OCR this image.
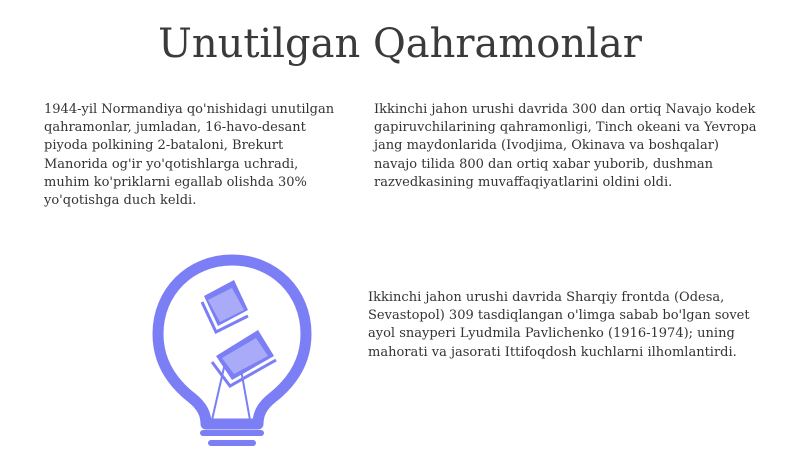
Unutilgan Qahramonlar

1944-yil Normandiya qo'nishidagi unutilgan qahramonlar, jumladan, 16-havo-desant piyoda polkining 2-bataloni, Brekurt Manorida og'ir yo'qotishlarga uchradi, muhim ko'priklarni egallab olishda 30% yo'qotishga duch keldi.

Ikkinchi jahon urushi davrida 300 dan ortiq Navajo kodek gapiruvchilarining qahramonligi, Tinch okeani va Yevropa jang maydonlarida (Ivodjima, Okinava va boshqalar) navajo tilida 800 dan ortiq xabar yuborib, dushman razvedkasining muvaffaqiyatlarini oldini oldi.

Ikkinchi jahon urushi davrida Sharqiy frontda (Odesa, Sevastopol) 309 tasdiqlangan o'limga sabab bo'lgan sovet ayol snayperi Lyudmila Pavlichenko (1916-1974); uning mahorati va jasorati Ittifoqdosh kuchlarni ilhomlantirdi.
